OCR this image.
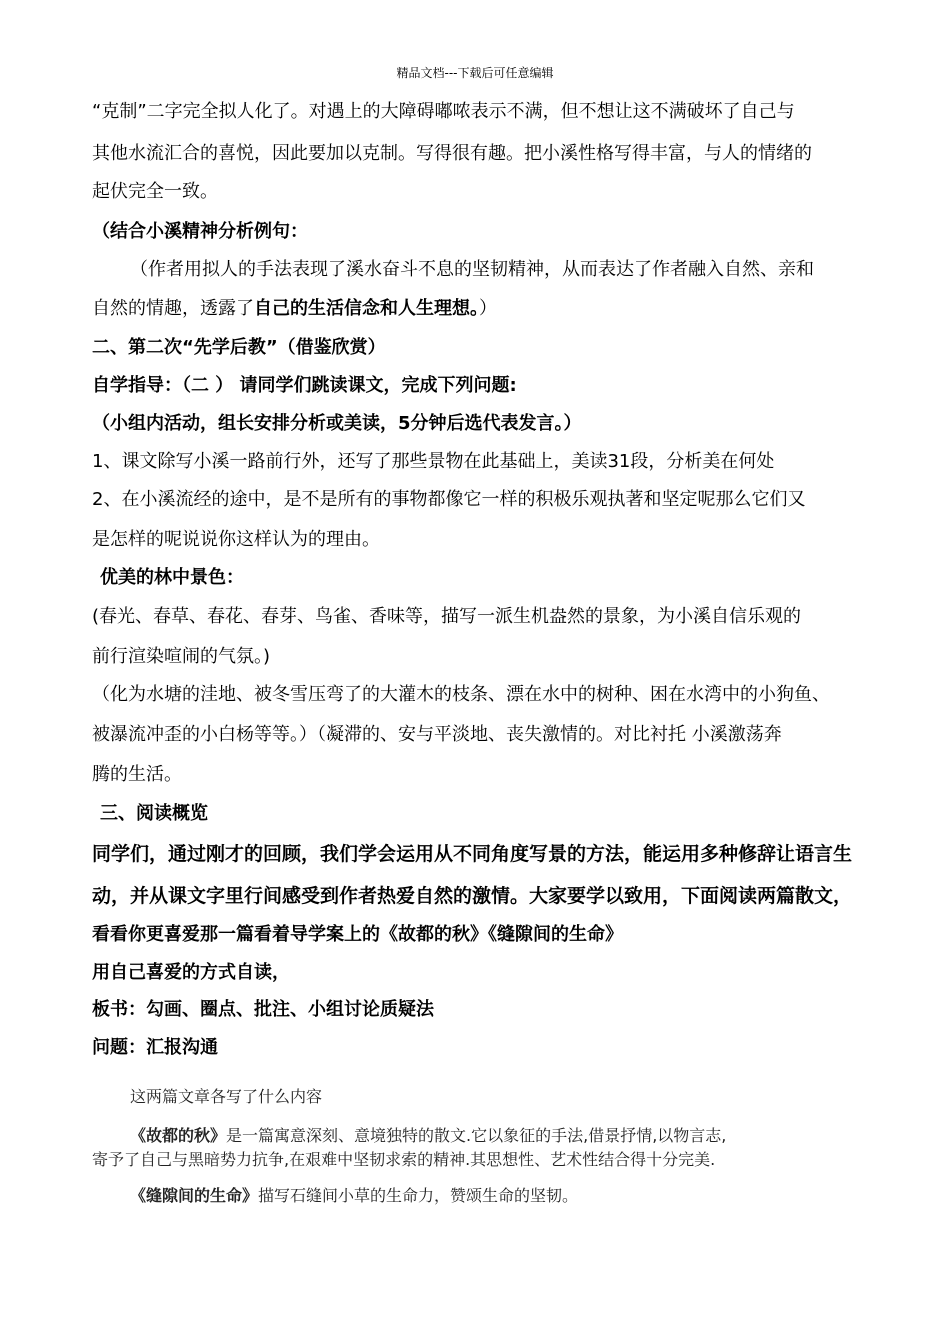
精品文档---下载后可任意编辑
“克制”二字完全拟人化了。对遇上的大障碍嘟哝表示不满，但不想让这不满破坏了自己与
其他水流汇合的喜悦，因此要加以克制。写得很有趣。把小溪性格写得丰富，与人的情绪的
起伏完全一致。
（结合小溪精神分析例句：
（作者用拟人的手法表现了溪水奋斗不息的坚韧精神，从而表达了作者融入自然、亲和
自然的情趣，透露了自己的生活信念和人生理想。）
二、第二次“先学后教”（借鉴欣赏）
自学指导：（二 ） 请同学们跳读课文，完成下列问题:
（小组内活动，组长安排分析或美读，5分钟后选代表发言。）
1、课文除写小溪一路前行外，还写了那些景物在此基础上，美读31段，分析美在何处
2、在小溪流经的途中，是不是所有的事物都像它一样的积极乐观执著和坚定呢那么它们又
是怎样的呢说说你这样认为的理由。
优美的林中景色：
(春光、春草、春花、春芽、鸟雀、香味等，描写一派生机盎然的景象，为小溪自信乐观的
前行渲染喧闹的气氛。)
（化为水塘的洼地、被冬雪压弯了的大灌木的枝条、漂在水中的树种、困在水湾中的小狗鱼、
被瀑流冲歪的小白杨等等。）（凝滞的、安与平淡地、丧失激情的。对比衬托 小溪激荡奔
腾的生活。
三、阅读概览
同学们，通过刚才的回顾，我们学会运用从不同角度写景的方法，能运用多种修辞让语言生
动，并从课文字里行间感受到作者热爱自然的激情。大家要学以致用，下面阅读两篇散文，
看看你更喜爱那一篇看着导学案上的《故都的秋》《缝隙间的生命》
用自己喜爱的方式自读，
板书：勾画、圈点、批注、小组讨论质疑法
问题：汇报沟通
这两篇文章各写了什么内容
《故都的秋》是一篇寓意深刻、意境独特的散文.它以象征的手法,借景抒情,以物言志,
寄予了自己与黑暗势力抗争,在艰难中坚韧求索的精神.其思想性、艺术性结合得十分完美.
《缝隙间的生命》描写石缝间小草的生命力，赞颂生命的坚韧。
